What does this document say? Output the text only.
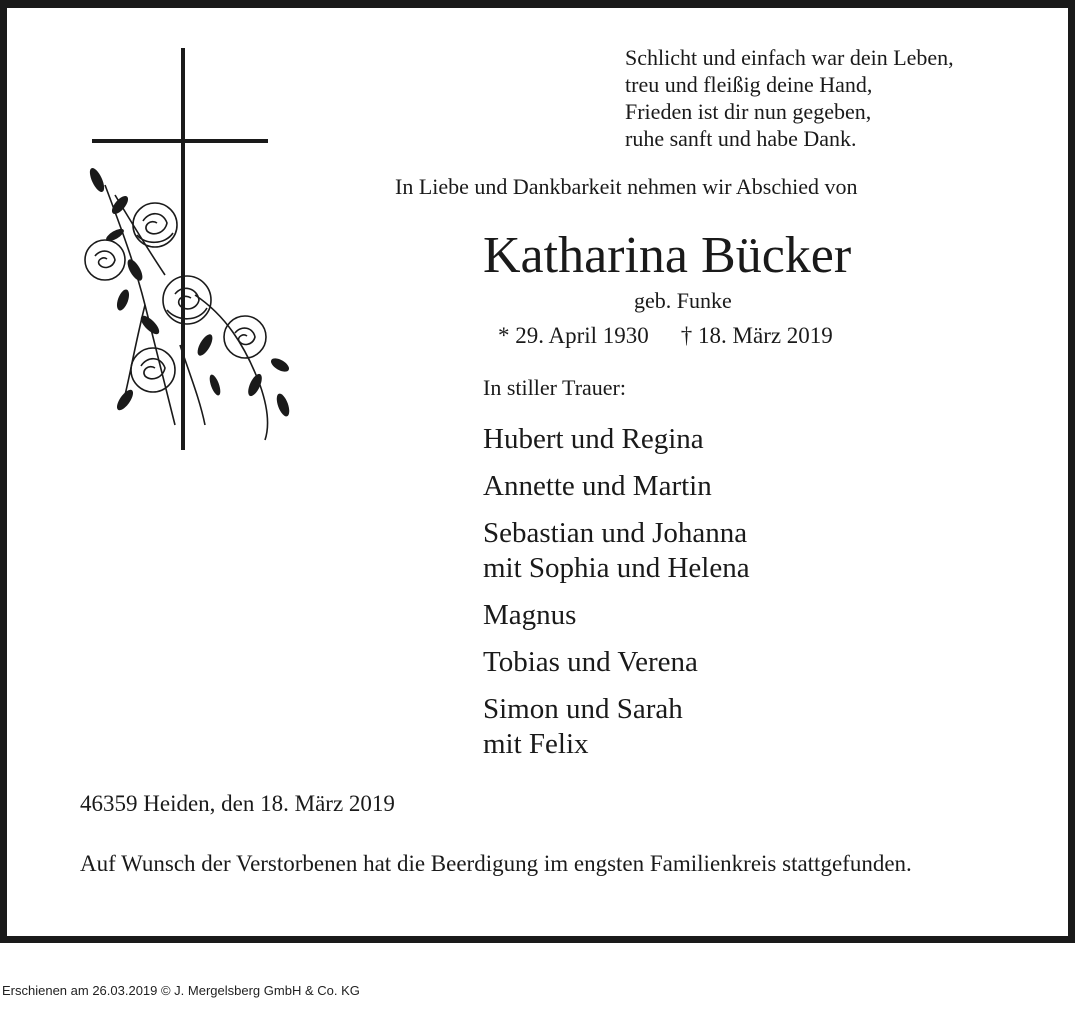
Schlicht und einfach war dein Leben,
treu und fleißig deine Hand,
Frieden ist dir nun gegeben,
ruhe sanft und habe Dank.
In Liebe und Dankbarkeit nehmen wir Abschied von
Katharina Bücker
geb. Funke
* 29. April 1930 † 18. März 2019
In stiller Trauer:
Hubert und Regina
Annette und Martin
Sebastian und Johanna
mit Sophia und Helena
Magnus
Tobias und Verena
Simon und Sarah
mit Felix
46359 Heiden, den 18. März 2019
Auf Wunsch der Verstorbenen hat die Beerdigung im engsten Familienkreis stattgefunden.
Erschienen am 26.03.2019 © J. Mergelsberg GmbH & Co. KG
